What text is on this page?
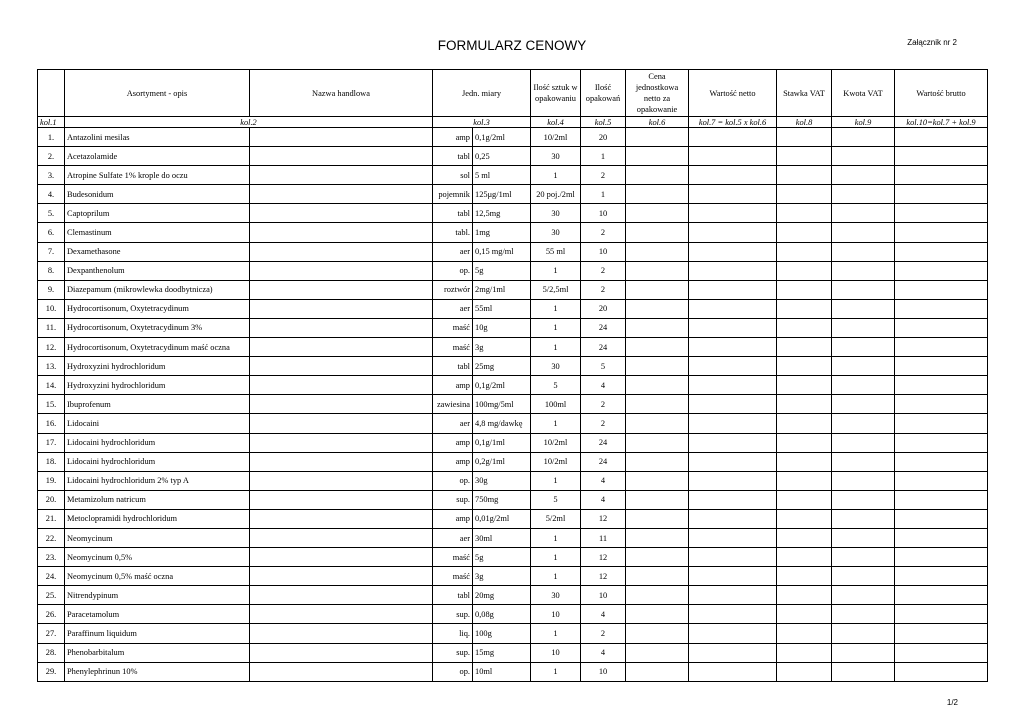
FORMULARZ CENOWY	Załącznik nr 2
	Asortyment - opis	Nazwa handlowa	Jedn. miary		Ilość sztuk w opakowaniu	Ilość opakowań	Cena jednostkowa netto za opakowanie	Wartość netto	Stawka VAT	Kwota VAT	Wartość brutto
kol.1	kol.2		kol.3		kol.4	kol.5	kol.6	kol.7 = kol.5 x kol.6	kol.8	kol.9	kol.10=kol.7 + kol.9
1.	Antazolini mesilas		amp	0,1g/2ml	10/2ml	20					
2.	Acetazolamide		tabl	0,25	30	1					
3.	Atropine Sulfate 1% krople do oczu		sol	5 ml	1	2					
4.	Budesonidum		pojemnik	125μg/1ml	20 poj./2ml	1					
5.	Captoprilum		tabl	12,5mg	30	10					
6.	Clemastinum		tabl.	1mg	30	2					
7.	Dexamethasone		aer	0,15 mg/ml	55 ml	10					
8.	Dexpanthenolum		op.	5g	1	2					
9.	Diazepamum (mikrowlewka doodbytnicza)		roztwór	2mg/1ml	5/2,5ml	2					
10.	Hydrocortisonum, Oxytetracydinum		aer	55ml	1	20					
11.	Hydrocortisonum, Oxytetracydinum 3%		maść	10g	1	24					
12.	Hydrocortisonum, Oxytetracydinum maść oczna		maść	3g	1	24					
13.	Hydroxyzini hydrochloridum		tabl	25mg	30	5					
14.	Hydroxyzini hydrochloridum		amp	0,1g/2ml	5	4					
15.	Ibuprofenum		zawiesina	100mg/5ml	100ml	2					
16.	Lidocaini		aer	4,8 mg/dawkę	1	2					
17.	Lidocaini hydrochloridum		amp	0,1g/1ml	10/2ml	24					
18.	Lidocaini hydrochloridum		amp	0,2g/1ml	10/2ml	24					
19.	Lidocaini hydrochloridum 2% typ A		op.	30g	1	4					
20.	Metamizolum natricum		sup.	750mg	5	4					
21.	Metoclopramidi hydrochloridum		amp	0,01g/2ml	5/2ml	12					
22.	Neomycinum		aer	30ml	1	11					
23.	Neomycinum 0,5%		maść	5g	1	12					
24.	Neomycinum 0,5% maść oczna		maść	3g	1	12					
25.	Nitrendypinum		tabl	20mg	30	10					
26.	Paracetamolum		sup.	0,08g	10	4					
27.	Paraffinum liquidum		liq.	100g	1	2					
28.	Phenobarbitalum		sup.	15mg	10	4					
29.	Phenylephrinun 10%		op.	10ml	1	10					
1/2
